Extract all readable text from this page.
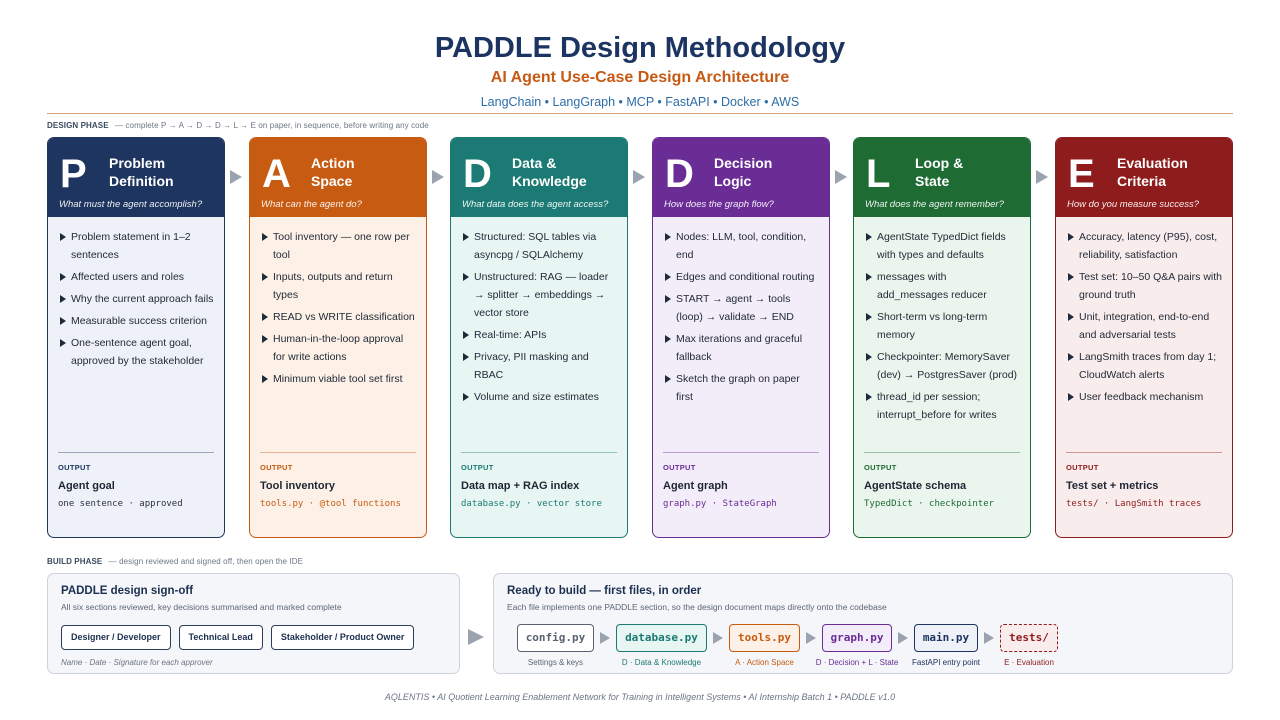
PADDLE Design Methodology
AI Agent Use-Case Design Architecture
LangChain • LangGraph • MCP • FastAPI • Docker • AWS
DESIGN PHASE — complete P → A → D → D → L → E on paper, in sequence, before writing any code
P Problem
Definition
What must the agent accomplish?
Problem statement in 1–2 sentences
Affected users and roles
Why the current approach fails
Measurable success criterion
One-sentence agent goal, approved by the stakeholder
OUTPUT
Agent goal
one sentence · approved
A Action
Space
What can the agent do?
Tool inventory — one row per tool
Inputs, outputs and return types
READ vs WRITE classification
Human-in-the-loop approval for write actions
Minimum viable tool set first
OUTPUT
Tool inventory
tools.py · @tool functions
D Data &
Knowledge
What data does the agent access?
Structured: SQL tables via asyncpg / SQLAlchemy
Unstructured: RAG — loader → splitter → embeddings → vector store
Real-time: APIs
Privacy, PII masking and RBAC
Volume and size estimates
OUTPUT
Data map + RAG index
database.py · vector store
D Decision
Logic
How does the graph flow?
Nodes: LLM, tool, condition, end
Edges and conditional routing
START → agent → tools (loop) → validate → END
Max iterations and graceful fallback
Sketch the graph on paper first
OUTPUT
Agent graph
graph.py · StateGraph
L Loop &
State
What does the agent remember?
AgentState TypedDict fields with types and defaults
messages with add_messages reducer
Short-term vs long-term memory
Checkpointer: MemorySaver (dev) → PostgresSaver (prod)
thread_id per session; interrupt_before for writes
OUTPUT
AgentState schema
TypedDict · checkpointer
E Evaluation
Criteria
How do you measure success?
Accuracy, latency (P95), cost, reliability, satisfaction
Test set: 10–50 Q&A pairs with ground truth
Unit, integration, end-to-end and adversarial tests
LangSmith traces from day 1; CloudWatch alerts
User feedback mechanism
OUTPUT
Test set + metrics
tests/ · LangSmith traces
BUILD PHASE — design reviewed and signed off, then open the IDE
PADDLE design sign-off
All six sections reviewed, key decisions summarised and marked complete
Designer / Developer	Technical Lead	Stakeholder / Product Owner
Name · Date · Signature for each approver
Ready to build — first files, in order
Each file implements one PADDLE section, so the design document maps directly onto the codebase
config.py
Settings & keys
database.py
D · Data & Knowledge
tools.py
A · Action Space
graph.py
D · Decision + L · State
main.py
FastAPI entry point
tests/
E · Evaluation
AQLENTIS • AI Quotient Learning Enablement Network for Training in Intelligent Systems • AI Internship Batch 1 • PADDLE v1.0
